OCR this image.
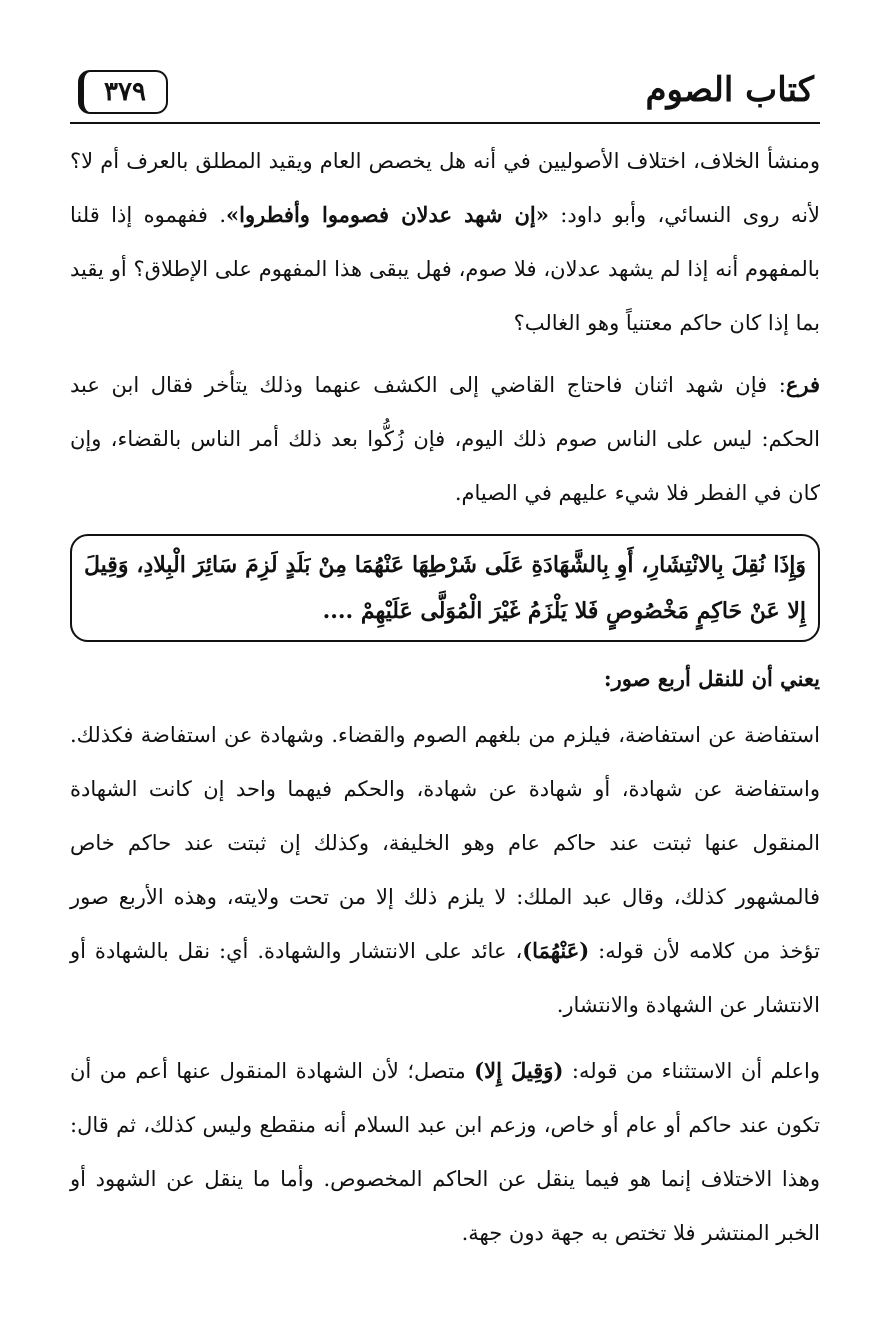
كتاب الصوم
٣٧٩

ومنشأ الخلاف، اختلاف الأصوليين في أنه هل يخصص العام ويقيد المطلق بالعرف أم لا؟ لأنه روى النسائي، وأبو داود: «إن شهد عدلان فصوموا وأفطروا». ففهموه إذا قلنا بالمفهوم أنه إذا لم يشهد عدلان، فلا صوم، فهل يبقى هذا المفهوم على الإطلاق؟ أو يقيد بما إذا كان حاكم معتنياً وهو الغالب؟

فرع: فإن شهد اثنان فاحتاج القاضي إلى الكشف عنهما وذلك يتأخر فقال ابن عبد الحكم: ليس على الناس صوم ذلك اليوم، فإن زُكُّوا بعد ذلك أمر الناس بالقضاء، وإن كان في الفطر فلا شيء عليهم في الصيام.

وَإِذَا نُقِلَ بِالانْتِشَارِ، أَوِ بِالشَّهَادَةِ عَلَى شَرْطِهَا عَنْهُمَا مِنْ بَلَدٍ لَزِمَ سَائِرَ الْبِلادِ، وَقِيلَ إِلا عَنْ حَاكِمٍ مَخْصُوصٍ فَلا يَلْزَمُ غَيْرَ الْمُوَلَّى عَلَيْهِمْ ....

يعني أن للنقل أربع صور:

استفاضة عن استفاضة، فيلزم من بلغهم الصوم والقضاء. وشهادة عن استفاضة فكذلك. واستفاضة عن شهادة، أو شهادة عن شهادة، والحكم فيهما واحد إن كانت الشهادة المنقول عنها ثبتت عند حاكم عام وهو الخليفة، وكذلك إن ثبتت عند حاكم خاص فالمشهور كذلك، وقال عبد الملك: لا يلزم ذلك إلا من تحت ولايته، وهذه الأربع صور تؤخذ من كلامه لأن قوله: (عَنْهُمَا)، عائد على الانتشار والشهادة. أي: نقل بالشهادة أو الانتشار عن الشهادة والانتشار.

واعلم أن الاستثناء من قوله: (وَقِيلَ إِلا) متصل؛ لأن الشهادة المنقول عنها أعم من أن تكون عند حاكم أو عام أو خاص، وزعم ابن عبد السلام أنه منقطع وليس كذلك، ثم قال: وهذا الاختلاف إنما هو فيما ينقل عن الحاكم المخصوص. وأما ما ينقل عن الشهود أو الخبر المنتشر فلا تختص به جهة دون جهة.
